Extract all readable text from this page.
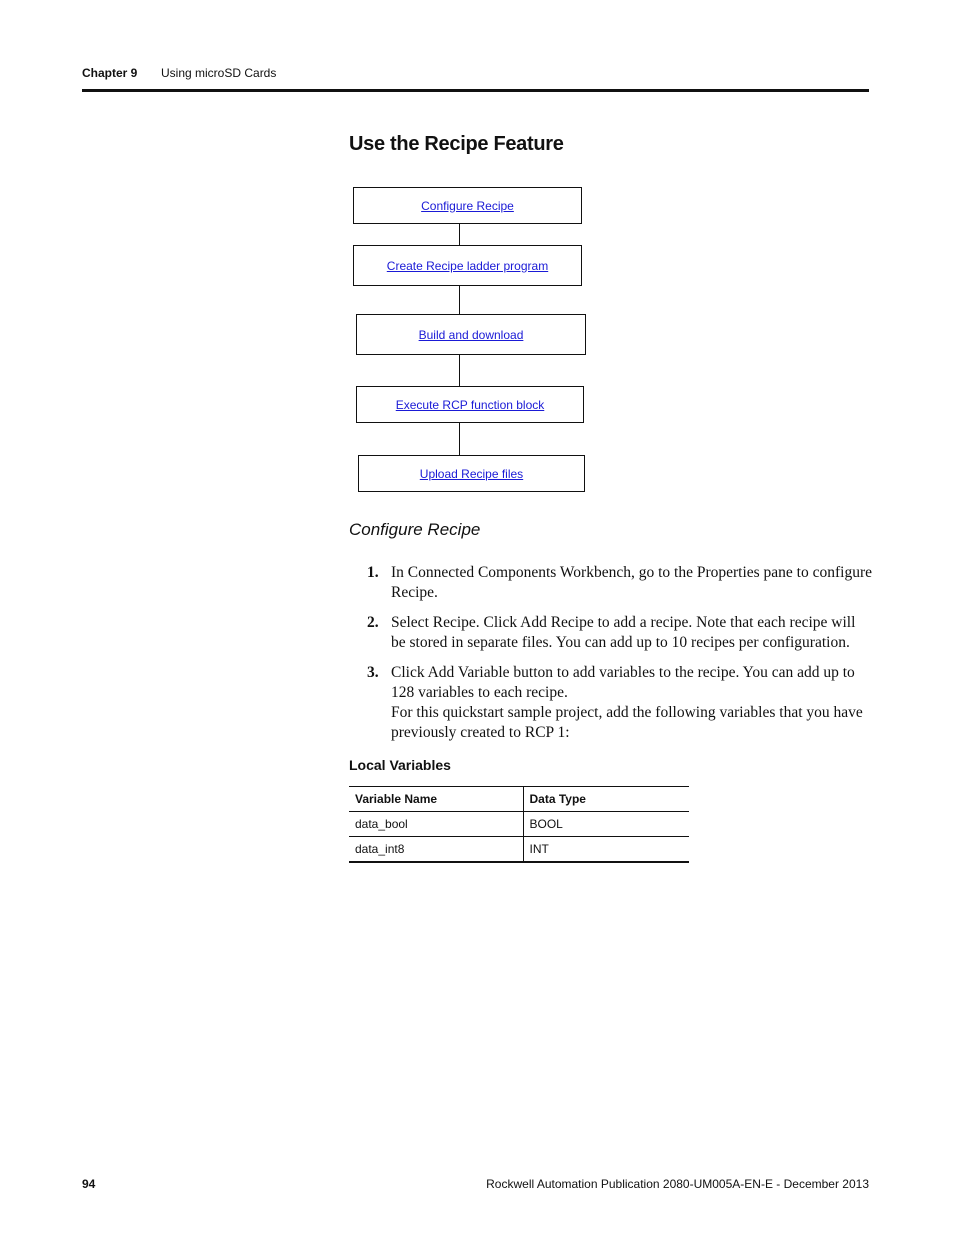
Chapter 9 Using microSD Cards
Use the Recipe Feature
Configure Recipe
Create Recipe ladder program
Build and download
Execute RCP function block
Upload Recipe files
Configure Recipe
1. In Connected Components Workbench, go to the Properties pane to configure Recipe.
2. Select Recipe. Click Add Recipe to add a recipe. Note that each recipe will be stored in separate files. You can add up to 10 recipes per configuration.
3. Click Add Variable button to add variables to the recipe. You can add up to 128 variables to each recipe.
For this quickstart sample project, add the following variables that you have previously created to RCP 1:
Local Variables
Variable Name	Data Type
data_bool	BOOL
data_int8	INT
94	Rockwell Automation Publication 2080-UM005A-EN-E - December 2013
